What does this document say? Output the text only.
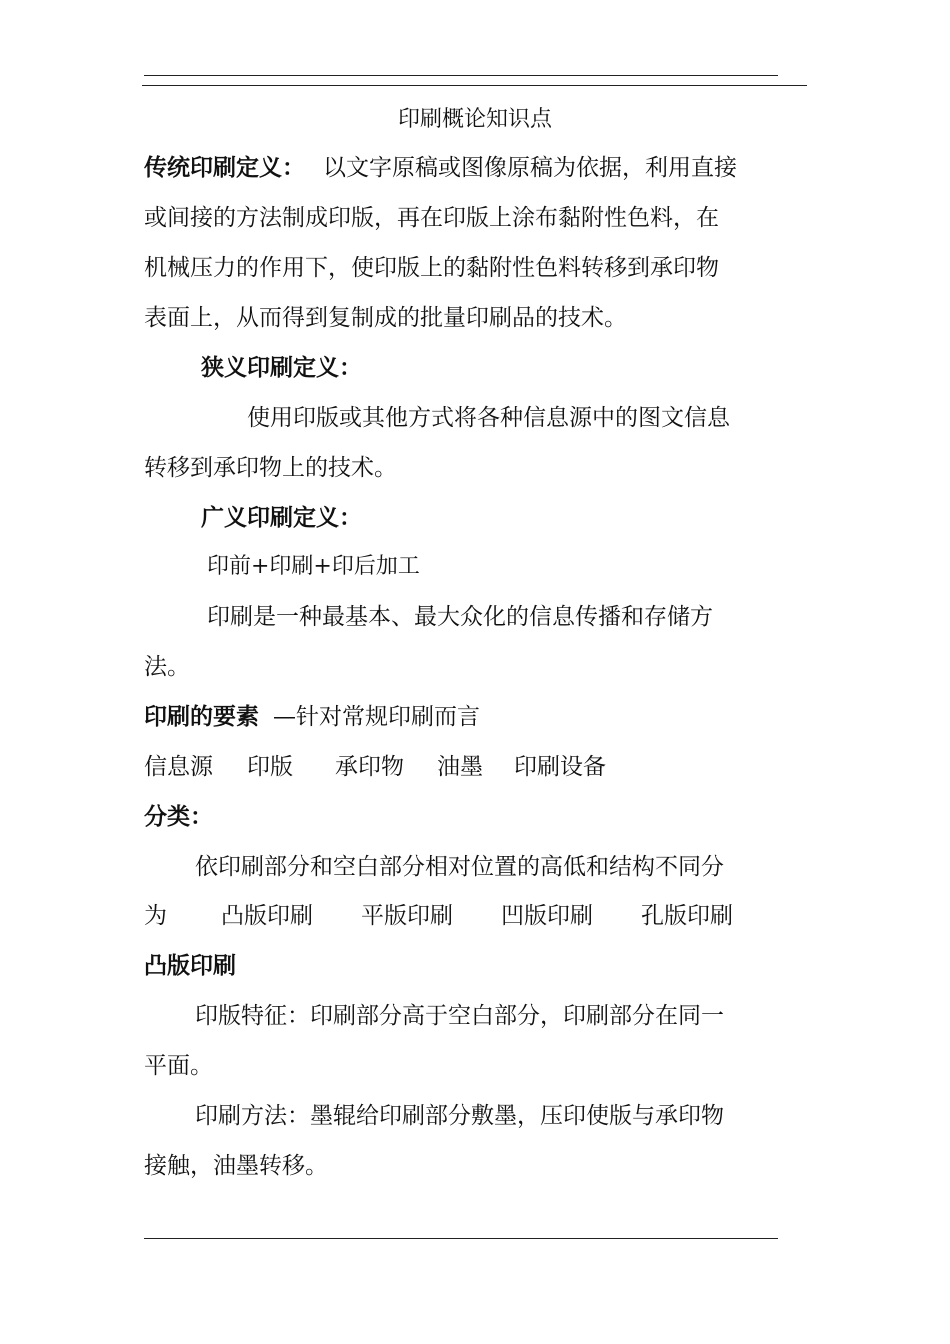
印刷概论知识点
传统印刷定义： 以文字原稿或图像原稿为依据，利用直接
或间接的方法制成印版，再在印版上涂布黏附性色料，在
机械压力的作用下，使印版上的黏附性色料转移到承印物
表面上，从而得到复制成的批量印刷品的技术。
狭义印刷定义：
使用印版或其他方式将各种信息源中的图文信息
转移到承印物上的技术。
广义印刷定义：
印前+印刷+印后加工
印刷是一种最基本、最大众化的信息传播和存储方
法。
印刷的要素 —针对常规印刷而言
信息源 印版 承印物 油墨 印刷设备
分类：
依印刷部分和空白部分相对位置的高低和结构不同分
为 凸版印刷 平版印刷 凹版印刷 孔版印刷
凸版印刷
印版特征：印刷部分高于空白部分，印刷部分在同一
平面。
印刷方法：墨辊给印刷部分敷墨，压印使版与承印物
接触，油墨转移。
